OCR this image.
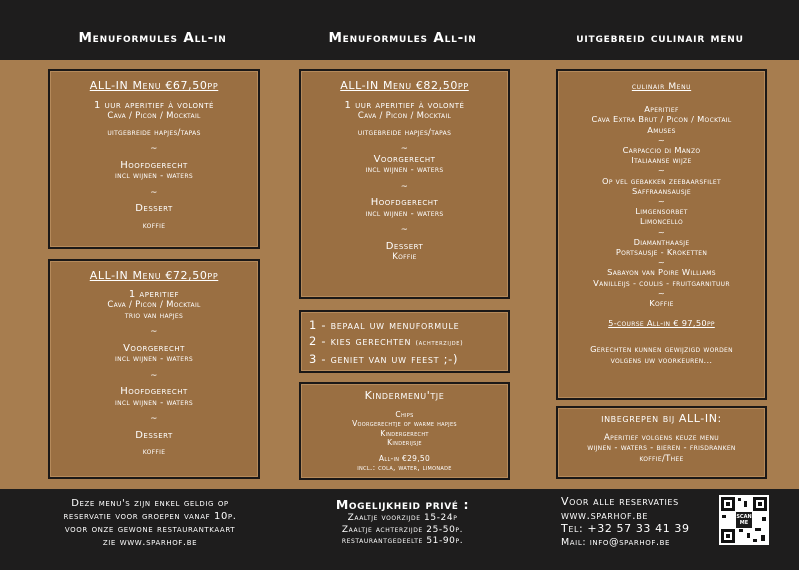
Menuformules All-in	Menuformules All-in	uitgebreid culinair menu
ALL-IN Menu €67,50pp
1 uur aperitief à volonté
Cava / Picon / Mocktail
uitgebreide hapjes/tapas
~
Hoofdgerecht
incl wijnen - waters
~
Dessert
koffie
ALL-IN Menu €72,50pp
1 aperitief
Cava / Picon / Mocktail
trio van hapjes
~
Voorgerecht
incl wijnen - waters
~
Hoofdgerecht
incl wijnen - waters
~
Dessert
koffie
ALL-IN Menu €82,50pp
1 uur aperitief à volonté
Cava / Picon / Mocktail
uitgebreide hapjes/tapas
~
Voorgerecht
incl wijnen - waters
~
Hoofdgerecht
incl wijnen - waters
~
Dessert
Koffie
1 - bepaal uw menuformule
2 - kies gerechten (achterzijde)
3 - geniet van uw feest ;-)
Kindermenu'tje
Chips
Voorgerechtje of warme hapjes
Kindergerecht
Kinderijsje
All-in €29,50
incl.: cola, water, limonade
culinair Menu
Aperitief
Cava Extra Brut / Picon / Mocktail
Amuses
~
Carpaccio di Manzo
Italiaanse wijze
~
Op vel gebakken zeebaarsfilet
Saffraansausje
~
Limgensorbet
Limoncello
~
Diamanthaasje
Portsausje - Kroketten
~
Sabayon van Poire Williams
Vanilleijs - coulis - fruitgarnituur
~
Koffie
5-course All-in € 97,50pp
Gerechten kunnen gewijzigd worden
volgens uw voorkeuren...
inbegrepen bij ALL-IN:
Aperitief volgens keuze menu
wijnen - waters - bieren - frisdranken
koffie/Thee
Deze menu's zijn enkel geldig op
reservatie voor groepen vanaf 10p.
voor onze gewone restaurantkaart
zie www.sparhof.be
Mogelijkheid privé :
Zaaltje voorzijde 15-24p
Zaaltje achterzijde 25-50p.
restaurantgedeelte 51-90p.
Voor alle reservaties
www.sparhof.be
Tel: +32 57 33 41 39
Mail: info@sparhof.be
SCAN ME
